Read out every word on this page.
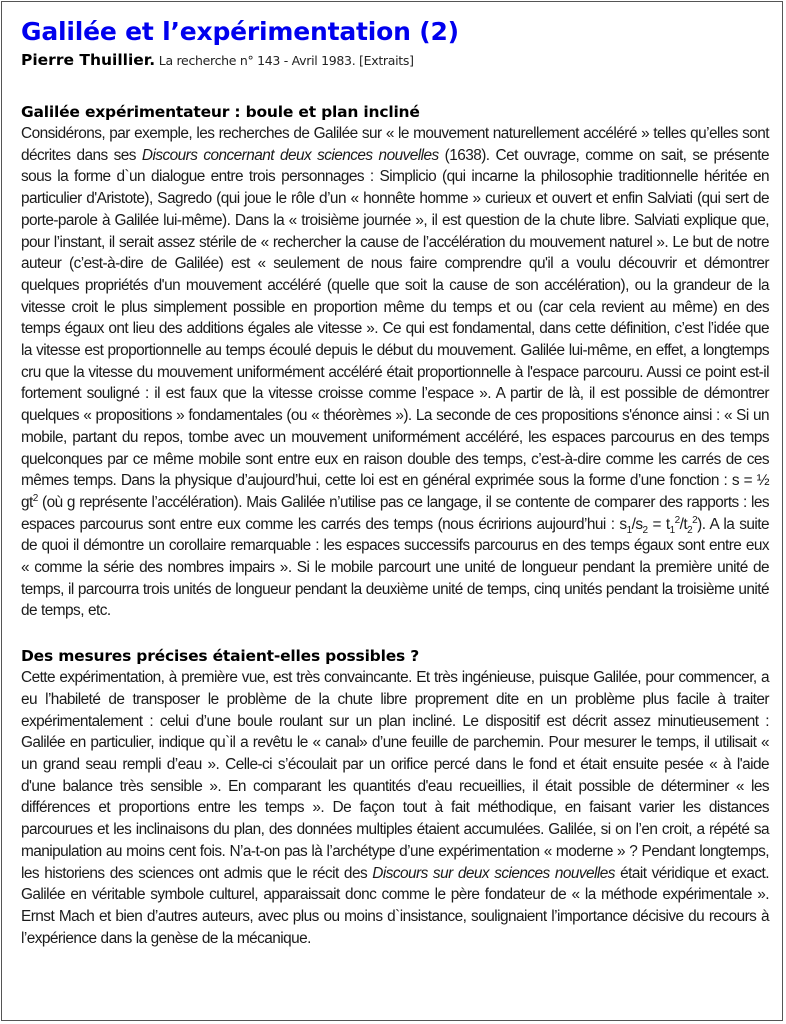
Galilée et l’expérimentation (2)

Pierre Thuillier. La recherche n° 143 - Avril 1983. [Extraits]

Galilée expérimentateur : boule et plan incliné

Considérons, par exemple, les recherches de Galilée sur « le mouvement naturellement accéléré » telles qu’elles sont décrites dans ses Discours concernant deux sciences nouvelles (1638). Cet ouvrage, comme on sait, se présente sous la forme d`un dialogue entre trois personnages : Simplicio (qui incarne la philosophie traditionnelle héritée en particulier d'Aristote), Sagredo (qui joue le rôle d’un « honnête homme » curieux et ouvert et enfin Salviati (qui sert de porte-parole à Galilée lui-même). Dans la « troisième journée », il est question de la chute libre. Salviati explique que, pour l’instant, il serait assez stérile de « rechercher la cause de l’accélération du mouvement naturel ». Le but de notre auteur (c’est-à-dire de Galilée) est « seulement de nous faire comprendre qu'il a voulu découvrir et démontrer quelques propriétés d'un mouvement accéléré (quelle que soit la cause de son accélération), ou la grandeur de la vitesse croit le plus simplement possible en proportion même du temps et ou (car cela revient au même) en des temps égaux ont lieu des additions égales ale vitesse ». Ce qui est fondamental, dans cette définition, c’est l’idée que la vitesse est proportionnelle au temps écoulé depuis le début du mouvement. Galilée lui-même, en effet, a longtemps cru que la vitesse du mouvement uniformément accéléré était proportionnelle à l'espace parcouru. Aussi ce point est-il fortement souligné : il est faux que la vitesse croisse comme l’espace ». A partir de là, il est possible de démontrer quelques « propositions » fondamentales (ou « théorèmes »). La seconde de ces propositions s'énonce ainsi : « Si un mobile, partant du repos, tombe avec un mouvement uniformément accéléré, les espaces parcourus en des temps quelconques par ce même mobile sont entre eux en raison double des temps, c’est-à-dire comme les carrés de ces mêmes temps. Dans la physique d’aujourd’hui, cette loi est en général exprimée sous la forme d’une fonction : s = ½ $gt^2$ (où g représente l’accélération). Mais Galilée n’utilise pas ce langage, il se contente de comparer des rapports : les espaces parcourus sont entre eux comme les carrés des temps (nous écririons aujourd’hui : $s_1/s_2 = t_1^2/t_2^2$). A la suite de quoi il démontre un corollaire remarquable : les espaces successifs parcourus en des temps égaux sont entre eux « comme la série des nombres impairs ». Si le mobile parcourt une unité de longueur pendant la première unité de temps, il parcourra trois unités de longueur pendant la deuxième unité de temps, cinq unités pendant la troisième unité de temps, etc.

Des mesures précises étaient-elles possibles ?

Cette expérimentation, à première vue, est très convaincante. Et très ingénieuse, puisque Galilée, pour commencer, a eu l’habileté de transposer le problème de la chute libre proprement dite en un problème plus facile à traiter expérimentalement : celui d’une boule roulant sur un plan incliné. Le dispositif est décrit assez minutieusement : Galilée en particulier, indique qu`il a revêtu le « canal» d’une feuille de parchemin. Pour mesurer le temps, il utilisait « un grand seau rempli d’eau ». Celle-ci s’écoulait par un orifice percé dans le fond et était ensuite pesée « à l'aide d'une balance très sensible ». En comparant les quantités d'eau recueillies, il était possible de déterminer « les différences et proportions entre les temps ». De façon tout à fait méthodique, en faisant varier les distances parcourues et les inclinaisons du plan, des données multiples étaient accumulées. Galilée, si on l’en croit, a répété sa manipulation au moins cent fois. N’a-t-on pas là l’archétype d’une expérimentation « moderne » ? Pendant longtemps, les historiens des sciences ont admis que le récit des Discours sur deux sciences nouvelles était véridique et exact. Galilée en véritable symbole culturel, apparaissait donc comme le père fondateur de « la méthode expérimentale ». Ernst Mach et bien d’autres auteurs, avec plus ou moins d`insistance, soulignaient l’importance décisive du recours à l’expérience dans la genèse de la mécanique.
